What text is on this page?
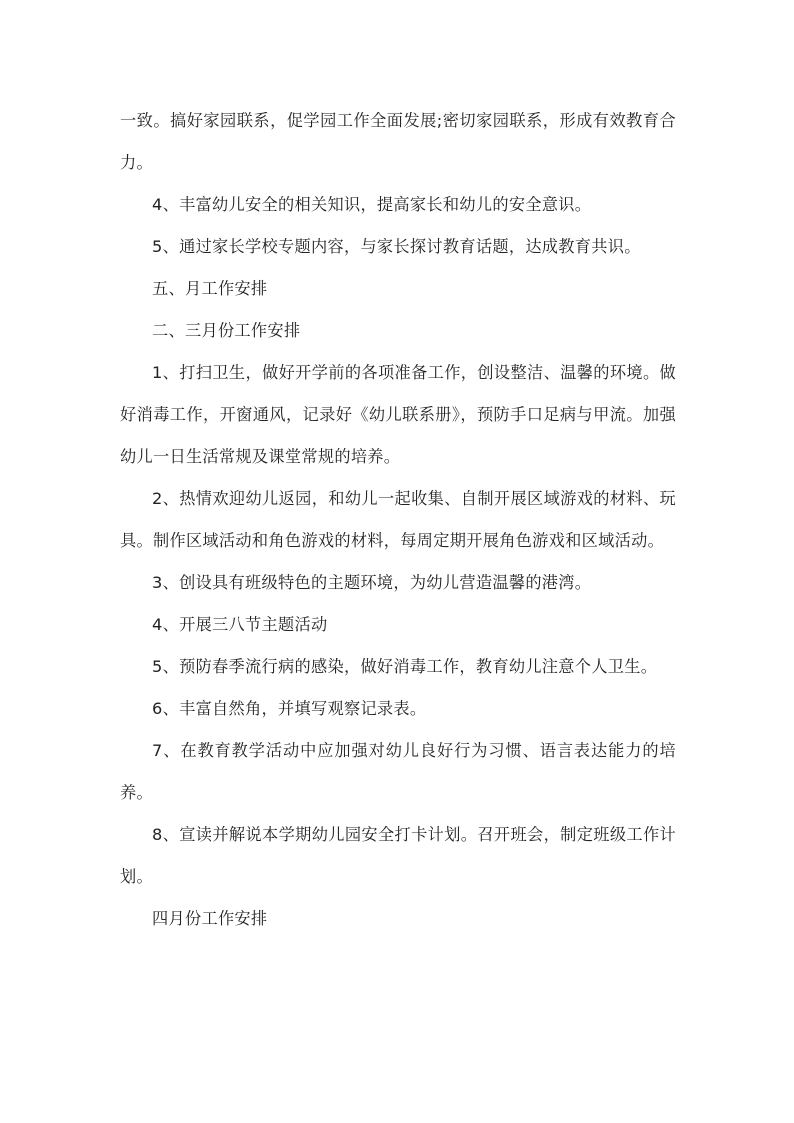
一致。搞好家园联系，促学园工作全面发展;密切家园联系，形成有效教育合力。

4、丰富幼儿安全的相关知识，提高家长和幼儿的安全意识。

5、通过家长学校专题内容，与家长探讨教育话题，达成教育共识。

五、月工作安排

二、三月份工作安排

1、打扫卫生，做好开学前的各项准备工作，创设整洁、温馨的环境。做好消毒工作，开窗通风，记录好《幼儿联系册》，预防手口足病与甲流。加强幼儿一日生活常规及课堂常规的培养。

2、热情欢迎幼儿返园，和幼儿一起收集、自制开展区域游戏的材料、玩具。制作区域活动和角色游戏的材料，每周定期开展角色游戏和区域活动。

3、创设具有班级特色的主题环境，为幼儿营造温馨的港湾。

4、开展三八节主题活动

5、预防春季流行病的感染，做好消毒工作，教育幼儿注意个人卫生。

6、丰富自然角，并填写观察记录表。

7、在教育教学活动中应加强对幼儿良好行为习惯、语言表达能力的培养。

8、宣读并解说本学期幼儿园安全打卡计划。召开班会，制定班级工作计划。

四月份工作安排
